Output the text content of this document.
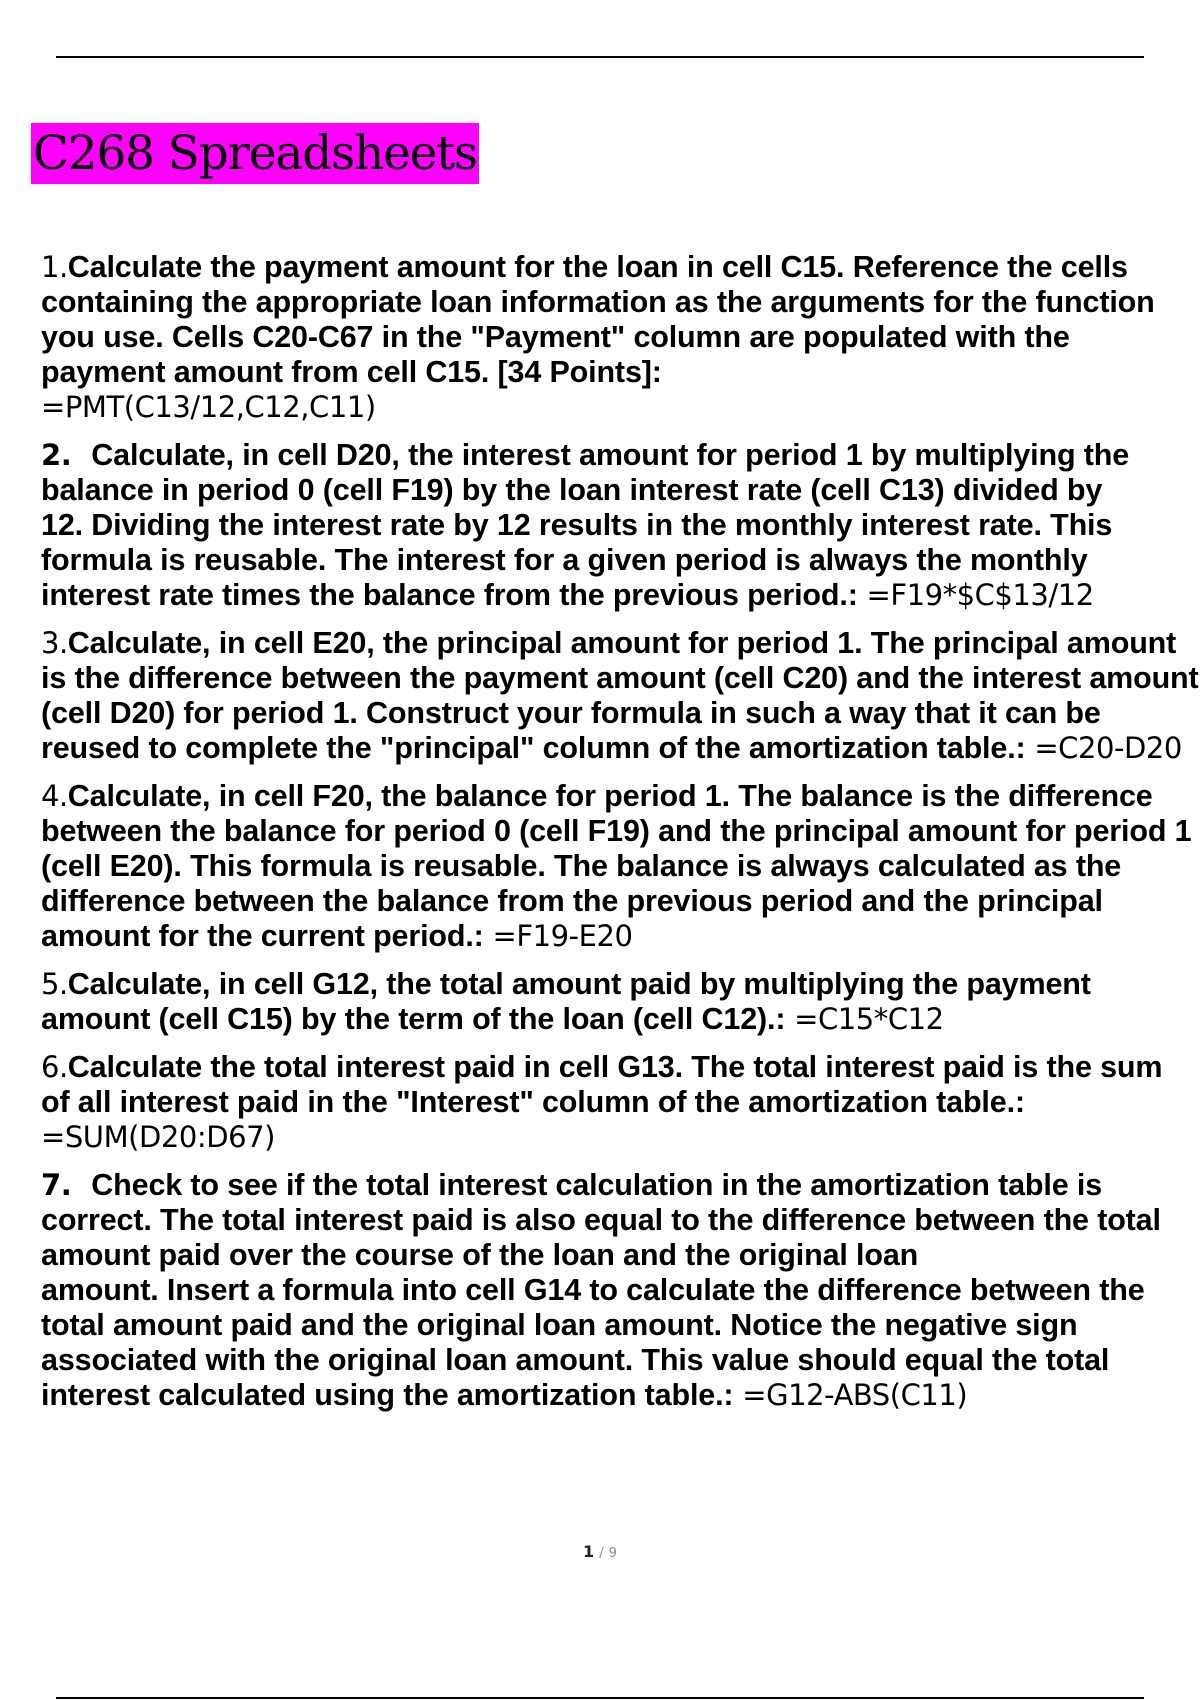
C268 Spreadsheets
1.Calculate the payment amount for the loan in cell C15. Reference the cells containing the appropriate loan information as the arguments for the function you use. Cells C20-C67 in the "Payment" column are populated with the payment amount from cell C15. [34 Points]:
=PMT(C13/12,C12,C11)
2. Calculate, in cell D20, the interest amount for period 1 by multiplying the balance in period 0 (cell F19) by the loan interest rate (cell C13) divided by
12. Dividing the interest rate by 12 results in the monthly interest rate. This formula is reusable. The interest for a given period is always the monthly interest rate times the balance from the previous period.: =F19*$C$13/12
3.Calculate, in cell E20, the principal amount for period 1. The principal amount is the difference between the payment amount (cell C20) and the interest amount (cell D20) for period 1. Construct your formula in such a way that it can be reused to complete the "principal" column of the amortization table.: =C20-D20
4.Calculate, in cell F20, the balance for period 1. The balance is the difference between the balance for period 0 (cell F19) and the principal amount for period 1 (cell E20). This formula is reusable. The balance is always calculated as the difference between the balance from the previous period and the principal amount for the current period.: =F19-E20
5.Calculate, in cell G12, the total amount paid by multiplying the payment amount (cell C15) by the term of the loan (cell C12).: =C15*C12
6.Calculate the total interest paid in cell G13. The total interest paid is the sum of all interest paid in the "Interest" column of the amortization table.: =SUM(D20:D67)
7. Check to see if the total interest calculation in the amortization table is correct. The total interest paid is also equal to the difference between the total amount paid over the course of the loan and the original loan
amount. Insert a formula into cell G14 to calculate the difference between the total amount paid and the original loan amount. Notice the negative sign associated with the original loan amount. This value should equal the total interest calculated using the amortization table.: =G12-ABS(C11)
1 / 9
